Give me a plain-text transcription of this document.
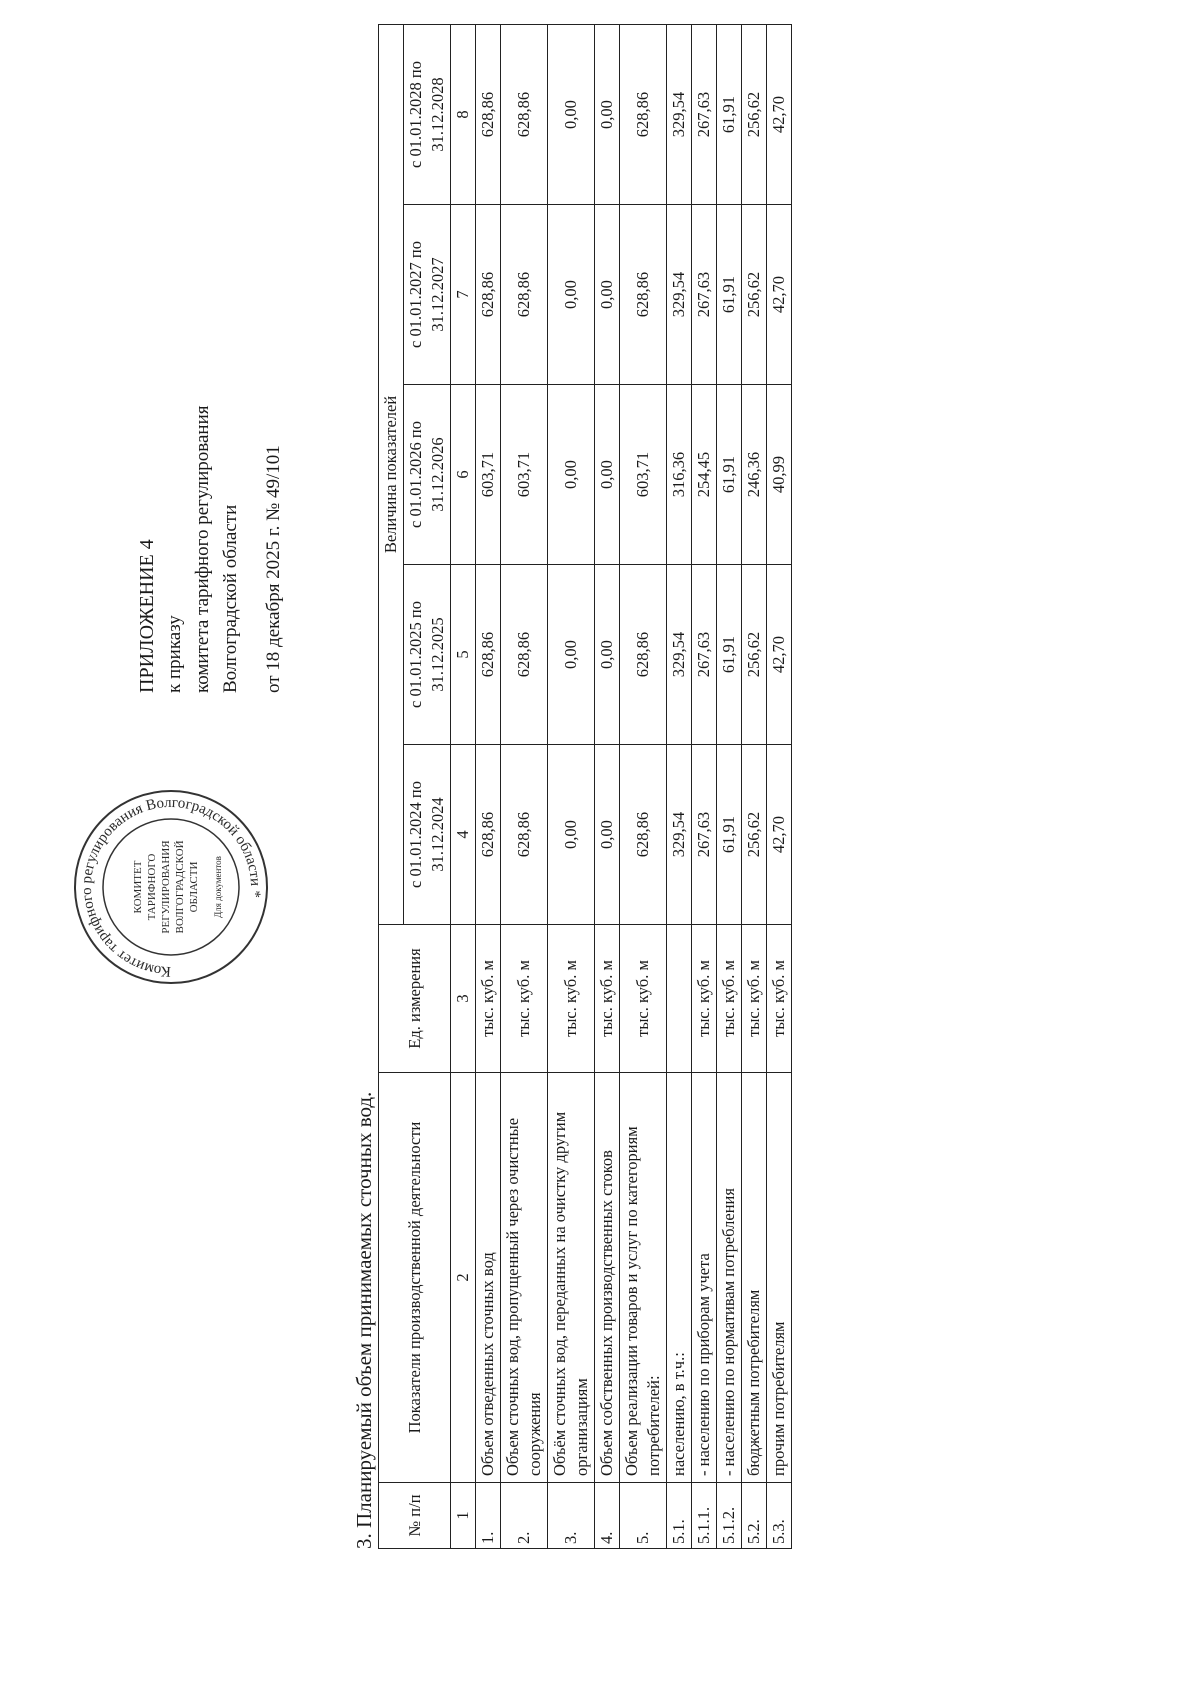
ПРИЛОЖЕНИЕ 4 к приказу комитета тарифного регулирования Волгоградской области от 18 декабря 2025 г. № 49/101
Комитет тарифного регулирования Волгоградской области *
КОМИТЕТ ТАРИФНОГО РЕГУЛИРОВАНИЯ ВОЛГОГРАДСКОЙ ОБЛАСТИ Для документов
3. Планируемый объем принимаемых сточных вод. № п/п	Показатели производственной деятельности	Ед. измерения	Величина показателей				
			с 01.01.2024 по 31.12.2024	с 01.01.2025 по 31.12.2025	с 01.01.2026 по 31.12.2026	с 01.01.2027 по 31.12.2027	с 01.01.2028 по 31.12.2028
1	2	3	4	5	6	7	8
1.	Объем отведенных сточных вод	тыс. куб. м	628,86	628,86	603,71	628,86	628,86
2.	Объем сточных вод, пропущенный через очистные сооружения	тыс. куб. м	628,86	628,86	603,71	628,86	628,86
3.	Объём сточных вод, переданных на очистку другим организациям	тыс. куб. м	0,00	0,00	0,00	0,00	0,00
4.	Объем собственных производственных стоков	тыс. куб. м	0,00	0,00	0,00	0,00	0,00
5.	Объем реализации товаров и услуг по категориям потребителей:	тыс. куб. м	628,86	628,86	603,71	628,86	628,86
5.1.	населению, в т.ч.:		329,54	329,54	316,36	329,54	329,54
5.1.1.	- населению по приборам учета	тыс. куб. м	267,63	267,63	254,45	267,63	267,63
5.1.2.	- населению по нормативам потребления	тыс. куб. м	61,91	61,91	61,91	61,91	61,91
5.2.	бюджетным потребителям	тыс. куб. м	256,62	256,62	246,36	256,62	256,62
5.3.	прочим потребителям	тыс. куб. м	42,70	42,70	40,99	42,70	42,70
